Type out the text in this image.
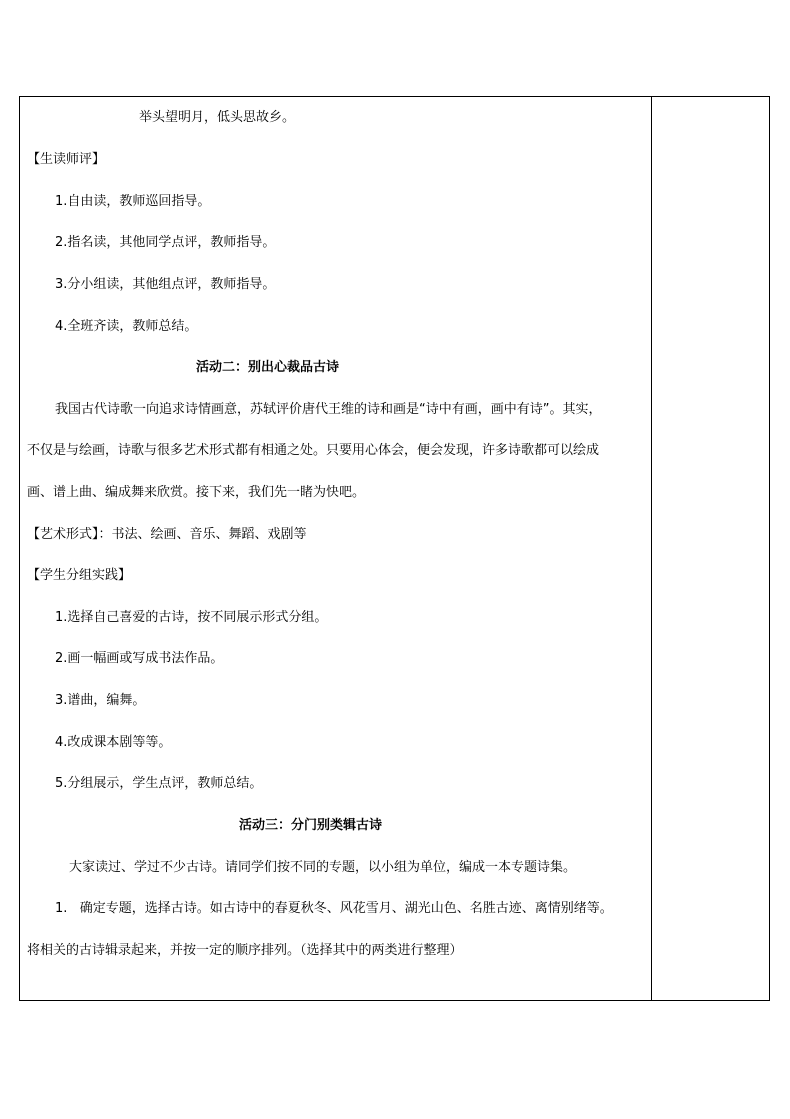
举头望明月，低头思故乡。
【生读师评】
1.自由读，教师巡回指导。
2.指名读，其他同学点评，教师指导。
3.分小组读，其他组点评，教师指导。
4.全班齐读，教师总结。
活动二：别出心裁品古诗
我国古代诗歌一向追求诗情画意，苏轼评价唐代王维的诗和画是“诗中有画，画中有诗”。其实，
不仅是与绘画，诗歌与很多艺术形式都有相通之处。只要用心体会，便会发现，许多诗歌都可以绘成
画、谱上曲、编成舞来欣赏。接下来，我们先一睹为快吧。
【艺术形式】：书法、绘画、音乐、舞蹈、戏剧等
【学生分组实践】
1.选择自己喜爱的古诗，按不同展示形式分组。
2.画一幅画或写成书法作品。
3.谱曲，编舞。
4.改成课本剧等等。
5.分组展示，学生点评，教师总结。
活动三：分门别类辑古诗
大家读过、学过不少古诗。请同学们按不同的专题，以小组为单位，编成一本专题诗集。
1.   确定专题，选择古诗。如古诗中的春夏秋冬、风花雪月、湖光山色、名胜古迹、离情别绪等。
将相关的古诗辑录起来，并按一定的顺序排列。（选择其中的两类进行整理）
